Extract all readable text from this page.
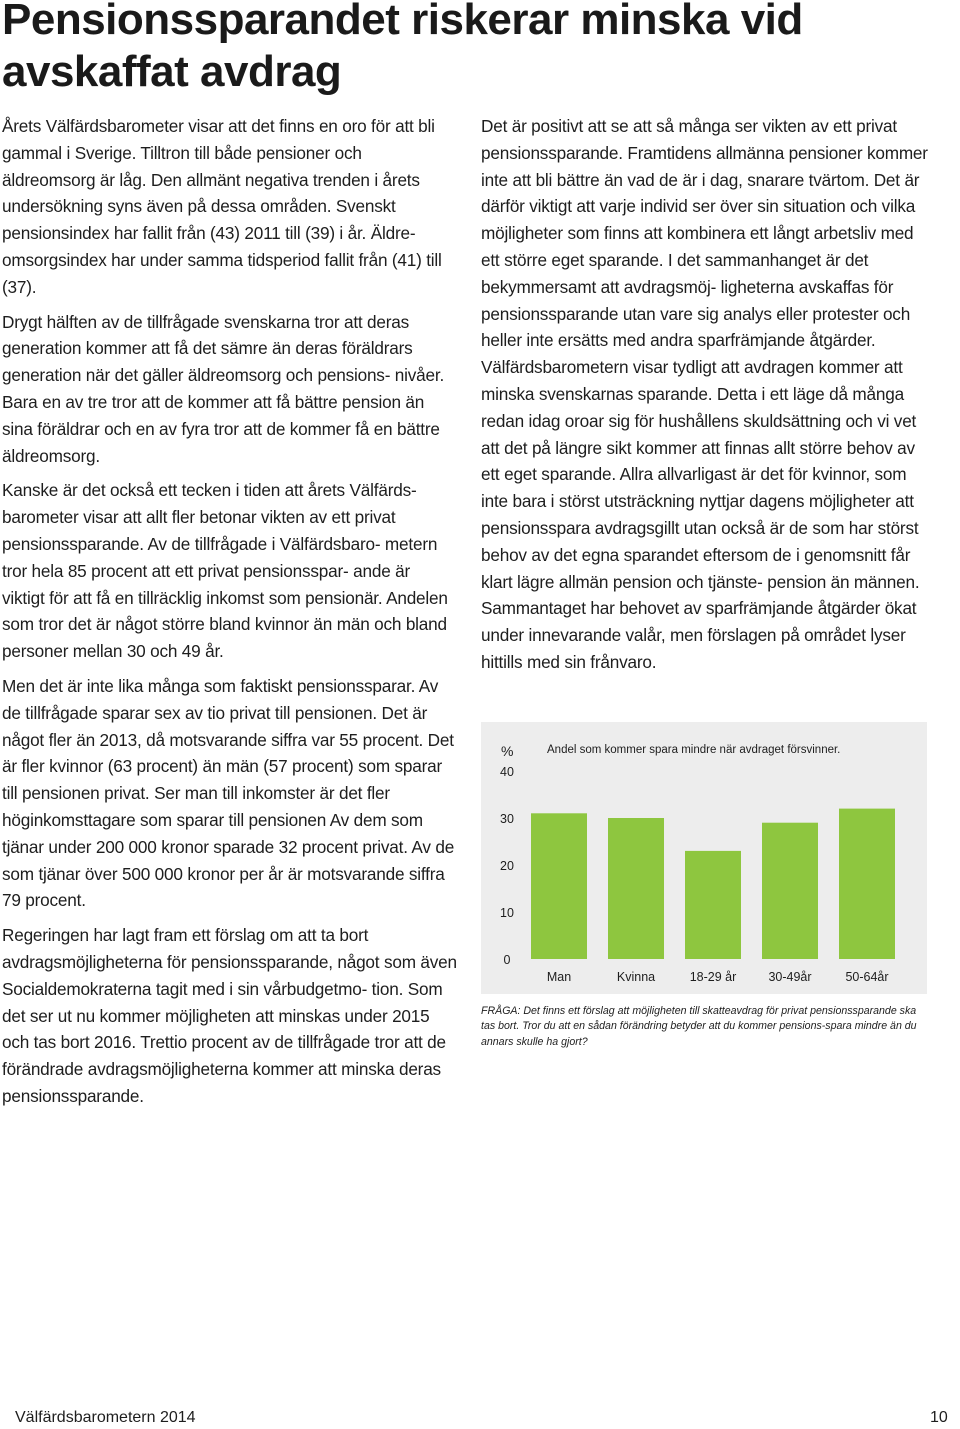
Pensionssparandet riskerar minska vid avskaffat avdrag

Årets Välfärdsbarometer visar att det finns en oro för att bli gammal i Sverige. Tilltron till både pensioner och äldreomsorg är låg. Den allmänt negativa trenden i årets undersökning syns även på dessa områden. Svenskt pensionsindex har fallit från (43) 2011 till (39) i år. Äldre- omsorgsindex har under samma tidsperiod fallit från (41) till (37).

Drygt hälften av de tillfrågade svenskarna tror att deras generation kommer att få det sämre än deras föräldrars generation när det gäller äldreomsorg och pensions- nivåer. Bara en av tre tror att de kommer att få bättre pension än sina föräldrar och en av fyra tror att de kommer få en bättre äldreomsorg.

Kanske är det också ett tecken i tiden att årets Välfärds- barometer visar att allt fler betonar vikten av ett privat pensionssparande. Av de tillfrågade i Välfärdsbaro- metern tror hela 85 procent att ett privat pensionsspar- ande är viktigt för att få en tillräcklig inkomst som pensionär. Andelen som tror det är något större bland kvinnor än män och bland personer mellan 30 och 49 år.

Men det är inte lika många som faktiskt pensionssparar. Av de tillfrågade sparar sex av tio privat till pensionen. Det är något fler än 2013, då motsvarande siffra var 55 procent. Det är fler kvinnor (63 procent) än män (57 procent) som sparar till pensionen privat. Ser man till inkomster är det fler höginkomsttagare som sparar till pensionen Av dem som tjänar under 200 000 kronor sparade 32 procent privat. Av de som tjänar över 500 000 kronor per år är motsvarande siffra 79 procent.

Regeringen har lagt fram ett förslag om att ta bort avdragsmöjligheterna för pensionssparande, något som även Socialdemokraterna tagit med i sin vårbudgetmo- tion. Som det ser ut nu kommer möjligheten att minskas under 2015 och tas bort 2016. Trettio procent av de tillfrågade tror att de förändrade avdragsmöjligheterna kommer att minska deras pensionssparande.

Det är positivt att se att så många ser vikten av ett privat pensionssparande. Framtidens allmänna pensioner kommer inte att bli bättre än vad de är i dag, snarare tvärtom. Det är därför viktigt att varje individ ser över sin situation och vilka möjligheter som finns att kombinera ett långt arbetsliv med ett större eget sparande. I det sammanhanget är det bekymmersamt att avdragsmöj- ligheterna avskaffas för pensionssparande utan vare sig analys eller protester och heller inte ersätts med andra sparfrämjande åtgärder. Välfärdsbarometern visar tydligt att avdragen kommer att minska svenskarnas sparande. Detta i ett läge då många redan idag oroar sig för hushållens skuldsättning och vi vet att det på längre sikt kommer att finnas allt större behov av ett eget sparande. Allra allvarligast är det för kvinnor, som inte bara i störst utsträckning nyttjar dagens möjligheter att pensionsspara avdragsgillt utan också är de som har störst behov av det egna sparandet eftersom de i genomsnitt får klart lägre allmän pension och tjänste- pension än männen. Sammantaget har behovet av sparfrämjande åtgärder ökat under innevarande valår, men förslagen på området lyser hittills med sin frånvaro.

%	Andel som kommer spara mindre när avdraget försvinner.
0
10
20
30
40
Man	Kvinna	18-29 år	30-49år	50-64år

FRÅGA: Det finns ett förslag att möjligheten till skatteavdrag för privat pensionssparande ska tas bort. Tror du att en sådan förändring betyder att du kommer pensions-spara mindre än du annars skulle ha gjort?

Välfärdsbarometern 2014	10
